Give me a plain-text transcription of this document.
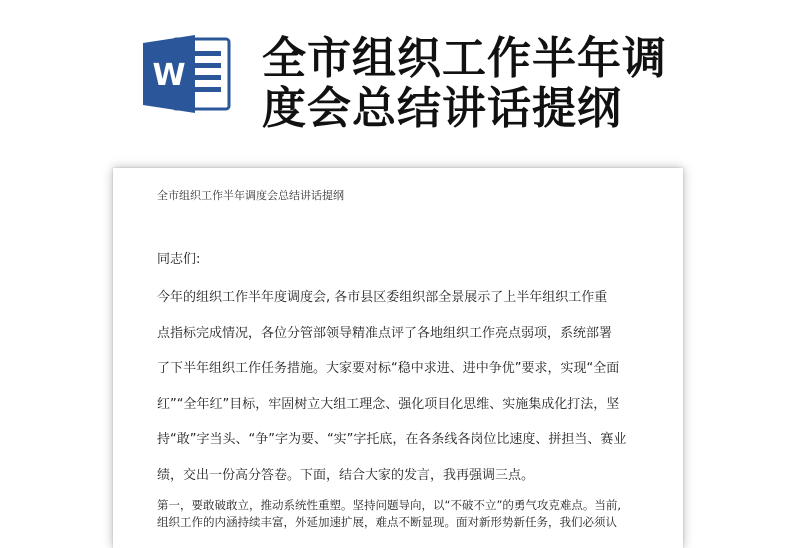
W 全市组织工作半年调
度会总结讲话提纲
全市组织工作半年调度会总结讲话提纲
同志们:
今年的组织工作半年度调度会, 各市县区委组织部全景展示了上半年组织工作重
点指标完成情况，各位分管部领导精准点评了各地组织工作亮点弱项，系统部署
了下半年组织工作任务措施。大家要对标“稳中求进、进中争优”要求，实现“全面
红”“全年红”目标，牢固树立大组工理念、强化项目化思维、实施集成化打法，坚
持“敢”字当头、“争”字为要、“实”字托底，在各条线各岗位比速度、拼担当、赛业
绩，交出一份高分答卷。下面，结合大家的发言，我再强调三点。
第一，要敢破敢立，推动系统性重塑。坚持问题导向，以“不破不立”的勇气攻克难点。当前,
组织工作的内涵持续丰富，外延加速扩展，难点不断显现。面对新形势新任务，我们必须认
